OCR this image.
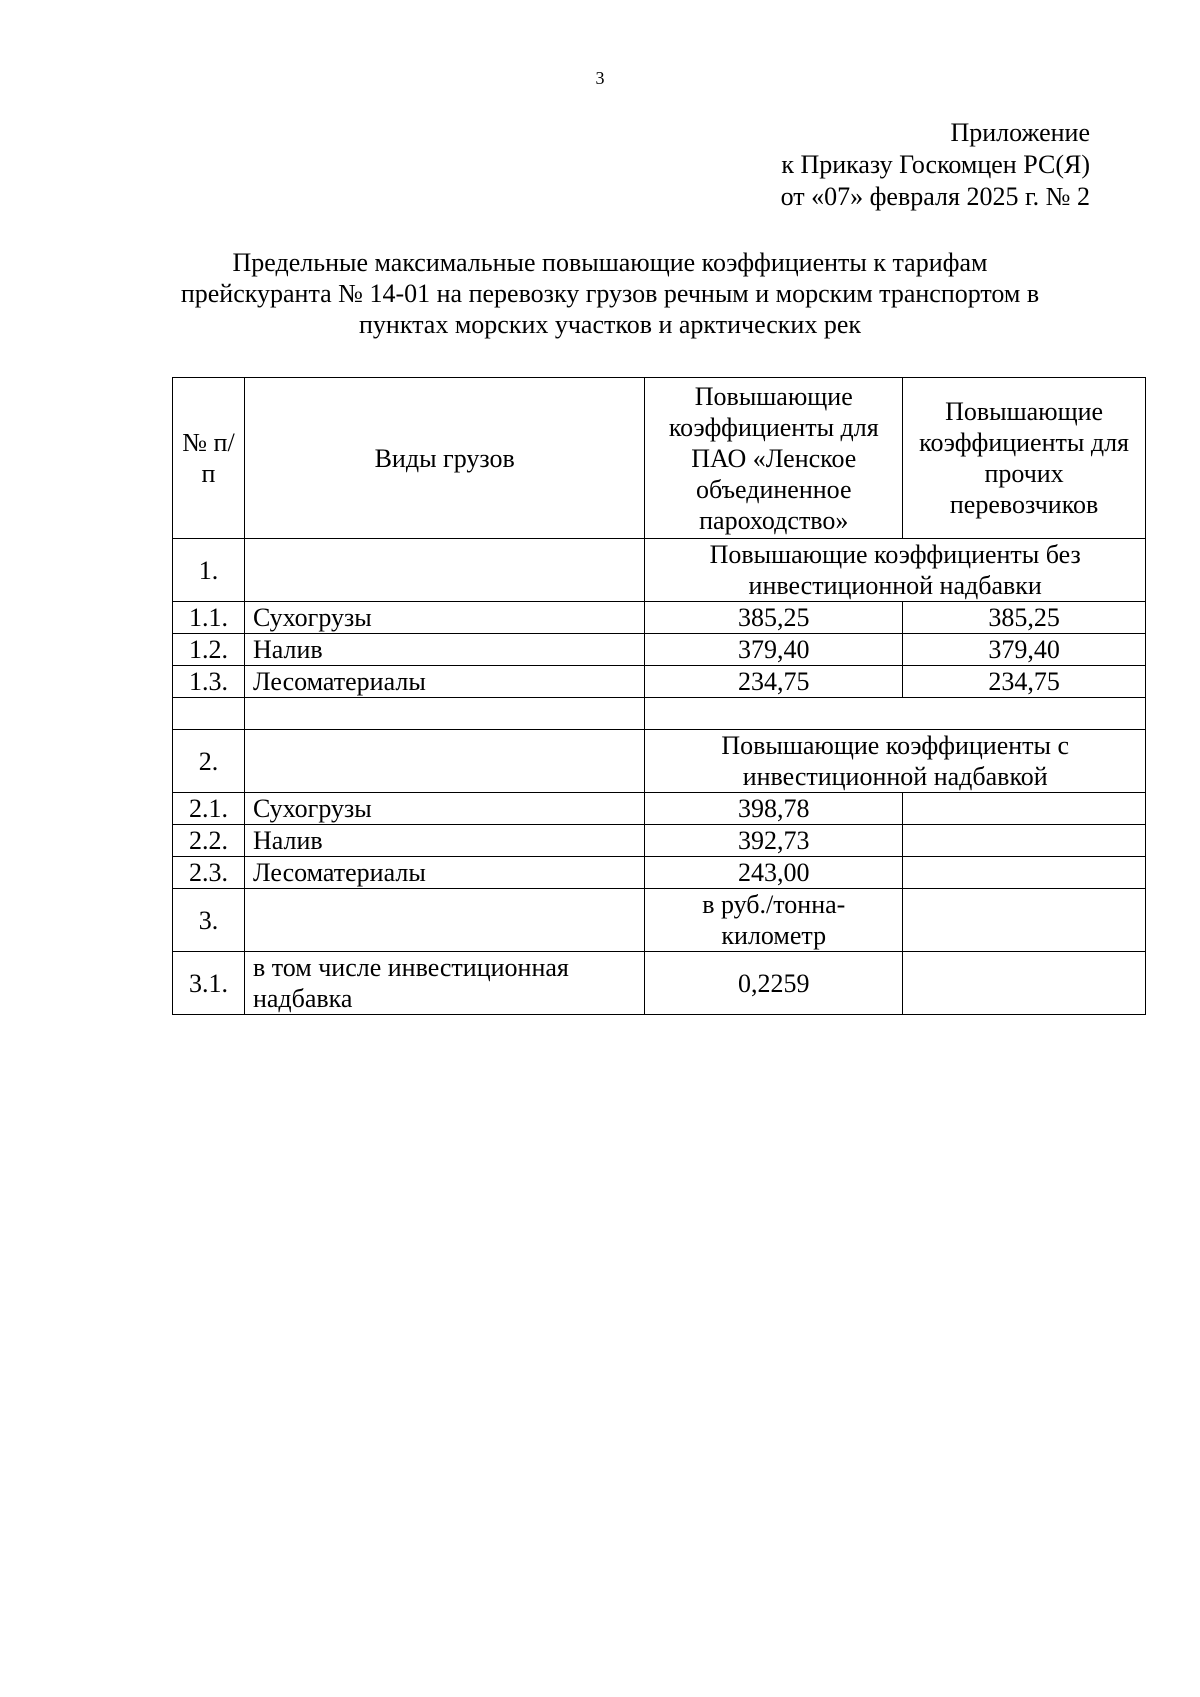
3
Приложение
к Приказу Госкомцен РС(Я)
от «07» февраля 2025 г. № 2
Предельные максимальные повышающие коэффициенты к тарифам
прейскуранта № 14-01 на перевозку грузов речным и морским транспортом в
пунктах морских участков и арктических рек
№ п/п	Виды грузов	Повышающие коэффициенты для ПАО «Ленское объединенное пароходство»	Повышающие коэффициенты для прочих перевозчиков
1.		Повышающие коэффициенты без инвестиционной надбавки	
1.1.	Сухогрузы	385,25	385,25
1.2.	Налив	379,40	379,40
1.3.	Лесоматериалы	234,75	234,75

2.		Повышающие коэффициенты с инвестиционной надбавкой	
2.1.	Сухогрузы	398,78	
2.2.	Налив	392,73	
2.3.	Лесоматериалы	243,00	
3.		в руб./тонна-километр	
3.1.	в том числе инвестиционная надбавка	0,2259	
